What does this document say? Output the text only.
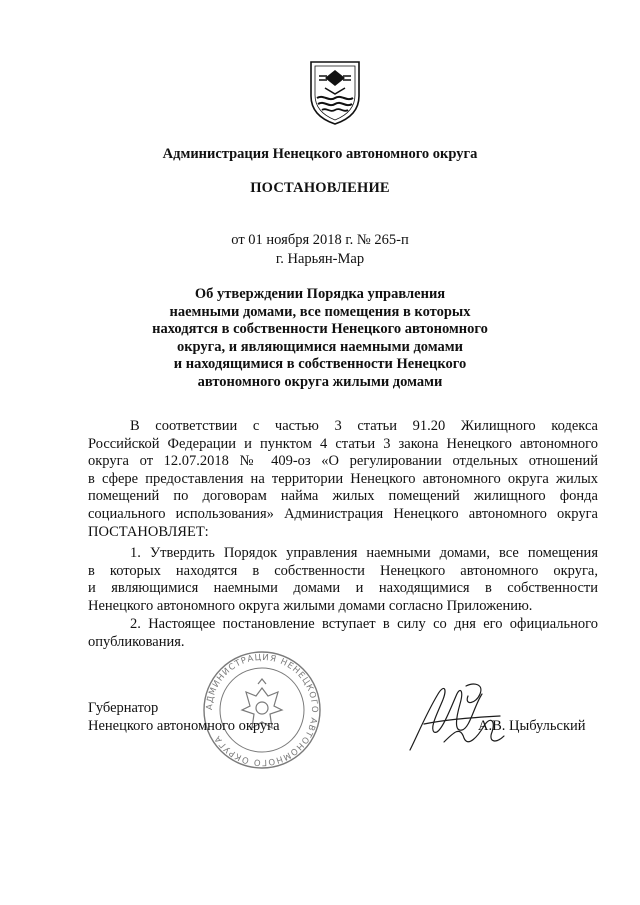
Администрация Ненецкого автономного округа
ПОСТАНОВЛЕНИЕ
от 01 ноября 2018 г. № 265-п
г. Нарьян-Мар
Об утверждении Порядка управления
наемными домами, все помещения в которых
находятся в собственности Ненецкого автономного
округа, и являющимися наемными домами
и находящимися в собственности Ненецкого
автономного округа жилыми домами
В соответствии с частью 3 статьи 91.20 Жилищного кодекса
Российской Федерации и пунктом 4 статьи 3 закона Ненецкого автономного
округа от 12.07.2018 № 409-оз «О регулировании отдельных отношений
в сфере предоставления на территории Ненецкого автономного округа жилых
помещений по договорам найма жилых помещений жилищного фонда
социального использования» Администрация Ненецкого автономного округа
ПОСТАНОВЛЯЕТ:
1. Утвердить Порядок управления наемными домами, все помещения
в которых находятся в собственности Ненецкого автономного округа,
и являющимися наемными домами и находящимися в собственности
Ненецкого автономного округа жилыми домами согласно Приложению.
2. Настоящее постановление вступает в силу со дня его официального
опубликования.
АДМИНИСТРАЦИЯ НЕНЕЦКОГО АВТОНОМНОГО ОКРУГА
Губернатор
Ненецкого автономного округа	А.В. Цыбульский
